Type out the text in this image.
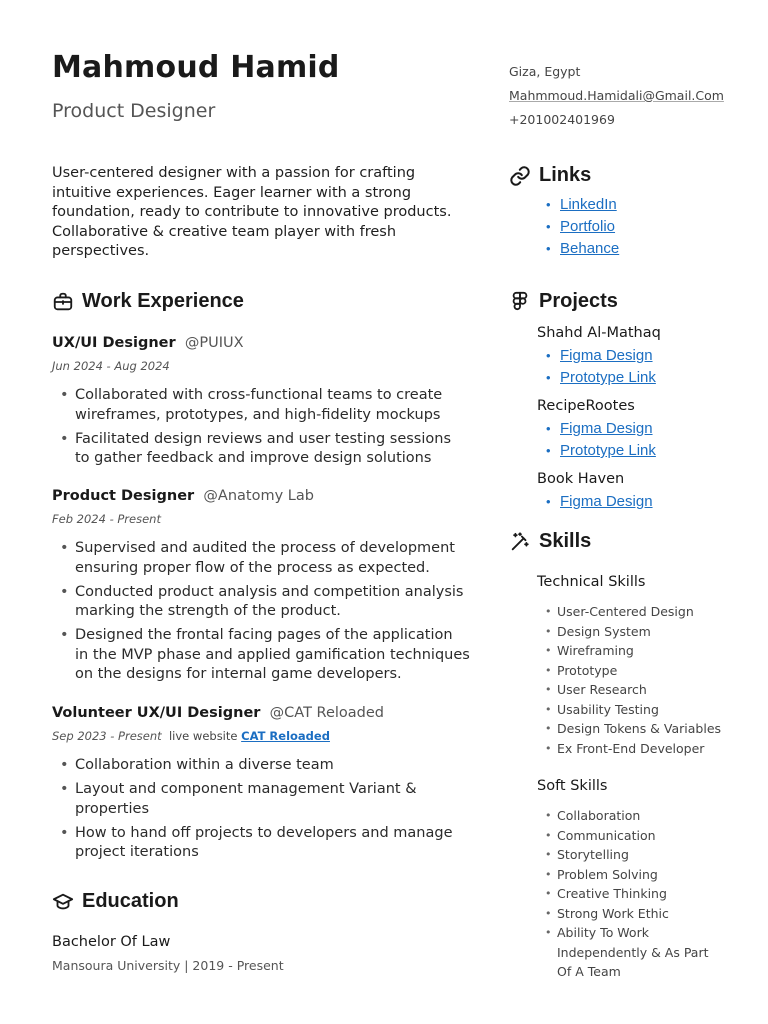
Mahmoud Hamid
Product Designer
Giza, Egypt
Mahmmoud.Hamidali@Gmail.Com
+201002401969
User-centered designer with a passion for crafting intuitive experiences. Eager learner with a strong foundation, ready to contribute to innovative products. Collaborative & creative team player with fresh perspectives.
Work Experience
UX/UI Designer @PUIUX
Jun 2024 - Aug 2024
• Collaborated with cross-functional teams to create wireframes, prototypes, and high-fidelity mockups
• Facilitated design reviews and user testing sessions to gather feedback and improve design solutions
Product Designer @Anatomy Lab
Feb 2024 - Present
• Supervised and audited the process of development ensuring proper flow of the process as expected.
• Conducted product analysis and competition analysis marking the strength of the product.
• Designed the frontal facing pages of the application in the MVP phase and applied gamification techniques on the designs for internal game developers.
Volunteer UX/UI Designer @CAT Reloaded
Sep 2023 - Present live website CAT Reloaded
• Collaboration within a diverse team
• Layout and component management Variant & properties
• How to hand off projects to developers and manage project iterations
Education
Bachelor Of Law
Mansoura University | 2019 - Present
Links
• LinkedIn
• Portfolio
• Behance
Projects
Shahd Al-Mathaq
• Figma Design
• Prototype Link
RecipeRootes
• Figma Design
• Prototype Link
Book Haven
• Figma Design
Skills
Technical Skills
• User-Centered Design
• Design System
• Wireframing
• Prototype
• User Research
• Usability Testing
• Design Tokens & Variables
• Ex Front-End Developer
Soft Skills
• Collaboration
• Communication
• Storytelling
• Problem Solving
• Creative Thinking
• Strong Work Ethic
• Ability To Work Independently & As Part Of A Team
